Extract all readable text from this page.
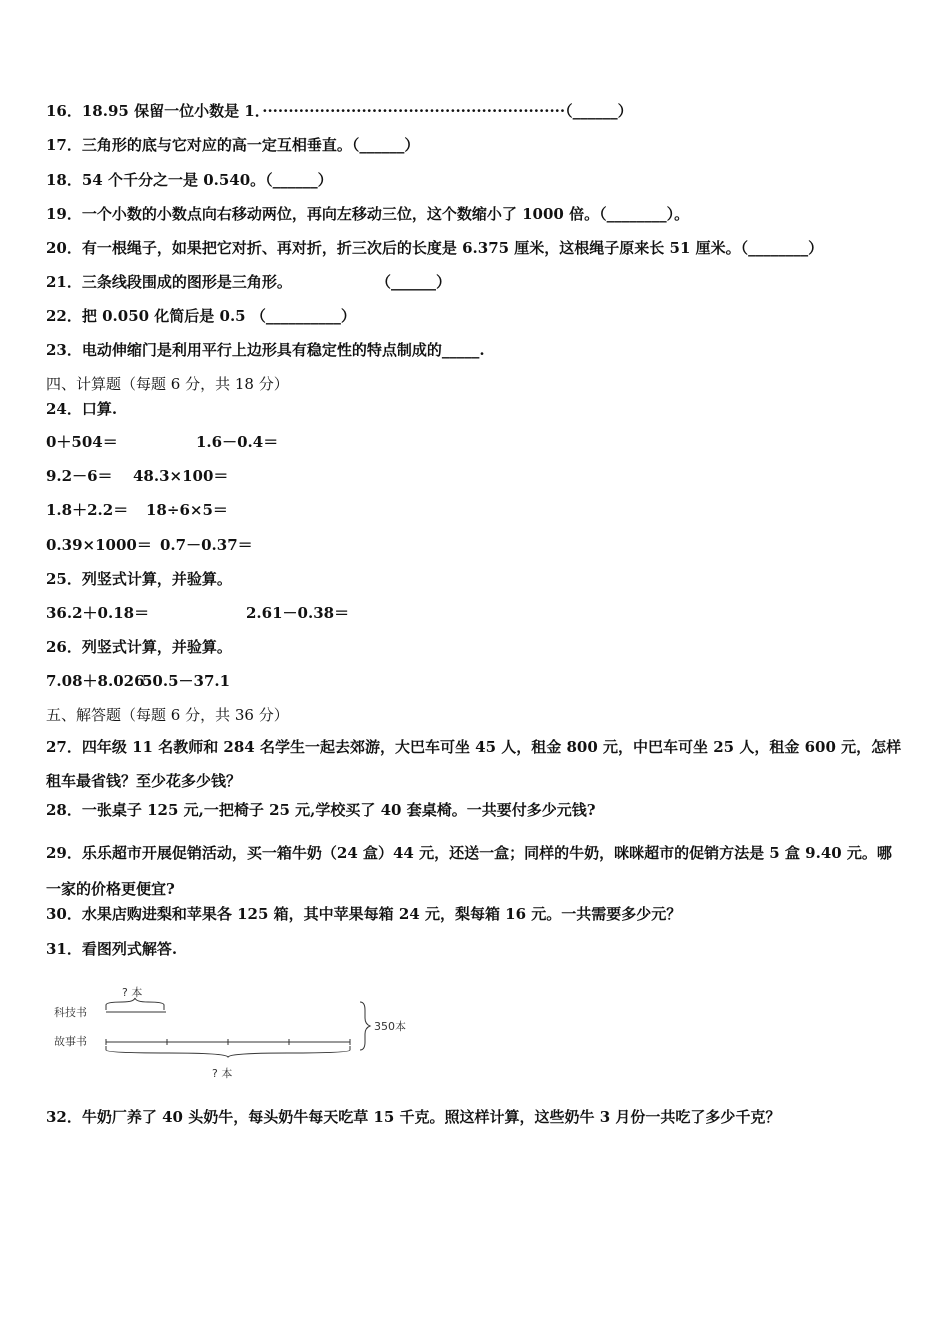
16．18.95 保留一位小数是 1．··························································（______）
17．三角形的底与它对应的高一定互相垂直。（______）
18．54 个千分之一是 0.540。（______）
19．一个小数的小数点向右移动两位，再向左移动三位，这个数缩小了 1000 倍。（________）。
20．有一根绳子，如果把它对折、再对折，折三次后的长度是 6.375 厘米，这根绳子原来长 51 厘米。（________）
21．三条线段围成的图形是三角形。	（______）
22．把 0.050 化简后是 0.5 （__________）
23．电动伸缩门是利用平行上边形具有稳定性的特点制成的_____.
四、计算题（每题 6 分，共 18 分）
24．口算.
0＋504＝	1.6－0.4＝
9.2－6＝ 48.3×100＝
1.8＋2.2＝ 18÷6×5＝
0.39×1000＝ 0.7－0.37＝
25．列竖式计算，并验算。
36.2＋0.18＝	2.61－0.38＝
26．列竖式计算，并验算。
7.08＋8.026
50.5－37.1
五、解答题（每题 6 分，共 36 分）
27．四年级 11 名教师和 284 名学生一起去郊游，大巴车可坐 45 人，租金 800 元，中巴车可坐 25 人，租金 600 元，怎样租车最省钱？至少花多少钱？
28．一张桌子 125 元,一把椅子 25 元,学校买了 40 套桌椅。一共要付多少元钱?
29．乐乐超市开展促销活动，买一箱牛奶（24 盒）44 元，还送一盒；同样的牛奶，咪咪超市的促销方法是 5 盒 9.40 元。哪一家的价格更便宜?
30．水果店购进梨和苹果各 125 箱，其中苹果每箱 24 元，梨每箱 16 元。一共需要多少元？
31．看图列式解答.
? 本
科技书
故事书
? 本
350本
32．牛奶厂养了 40 头奶牛，每头奶牛每天吃草 15 千克。照这样计算，这些奶牛 3 月份一共吃了多少千克？
